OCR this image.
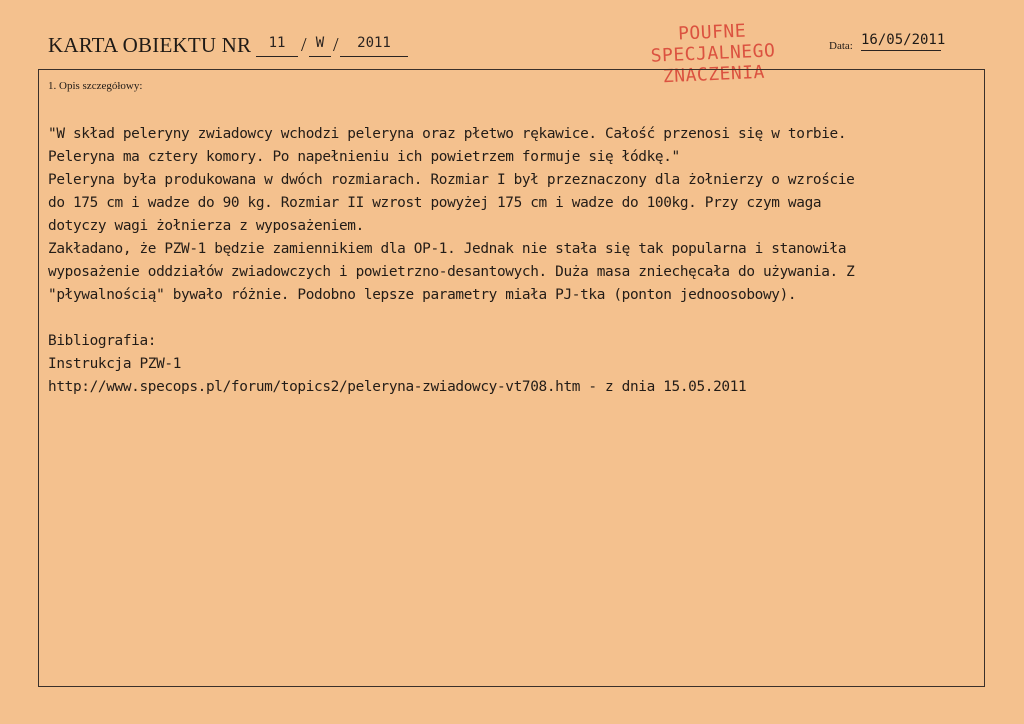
KARTA OBIEKTU NR	11 / W /	2011	POUFNE
SPECJALNEGO
ZNACZENIA
Data: 16/05/2011
1. Opis szczegółowy:
"W skład peleryny zwiadowcy wchodzi peleryna oraz płetwo rękawice. Całość przenosi się w torbie.
Peleryna ma cztery komory. Po napełnieniu ich powietrzem formuje się łódkę."
Peleryna była produkowana w dwóch rozmiarach. Rozmiar I był przeznaczony dla żołnierzy o wzroście
do 175 cm i wadze do 90 kg. Rozmiar II wzrost powyżej 175 cm i wadze do 100kg. Przy czym waga
dotyczy wagi żołnierza z wyposażeniem.
Zakładano, że PZW-1 będzie zamiennikiem dla OP-1. Jednak nie stała się tak popularna i stanowiła
wyposażenie oddziałów zwiadowczych i powietrzno-desantowych. Duża masa zniechęcała do używania. Z
"pływalnością" bywało różnie. Podobno lepsze parametry miała PJ-tka (ponton jednoosobowy).
Bibliografia:
Instrukcja PZW-1
http://www.specops.pl/forum/topics2/peleryna-zwiadowcy-vt708.htm - z dnia 15.05.2011
